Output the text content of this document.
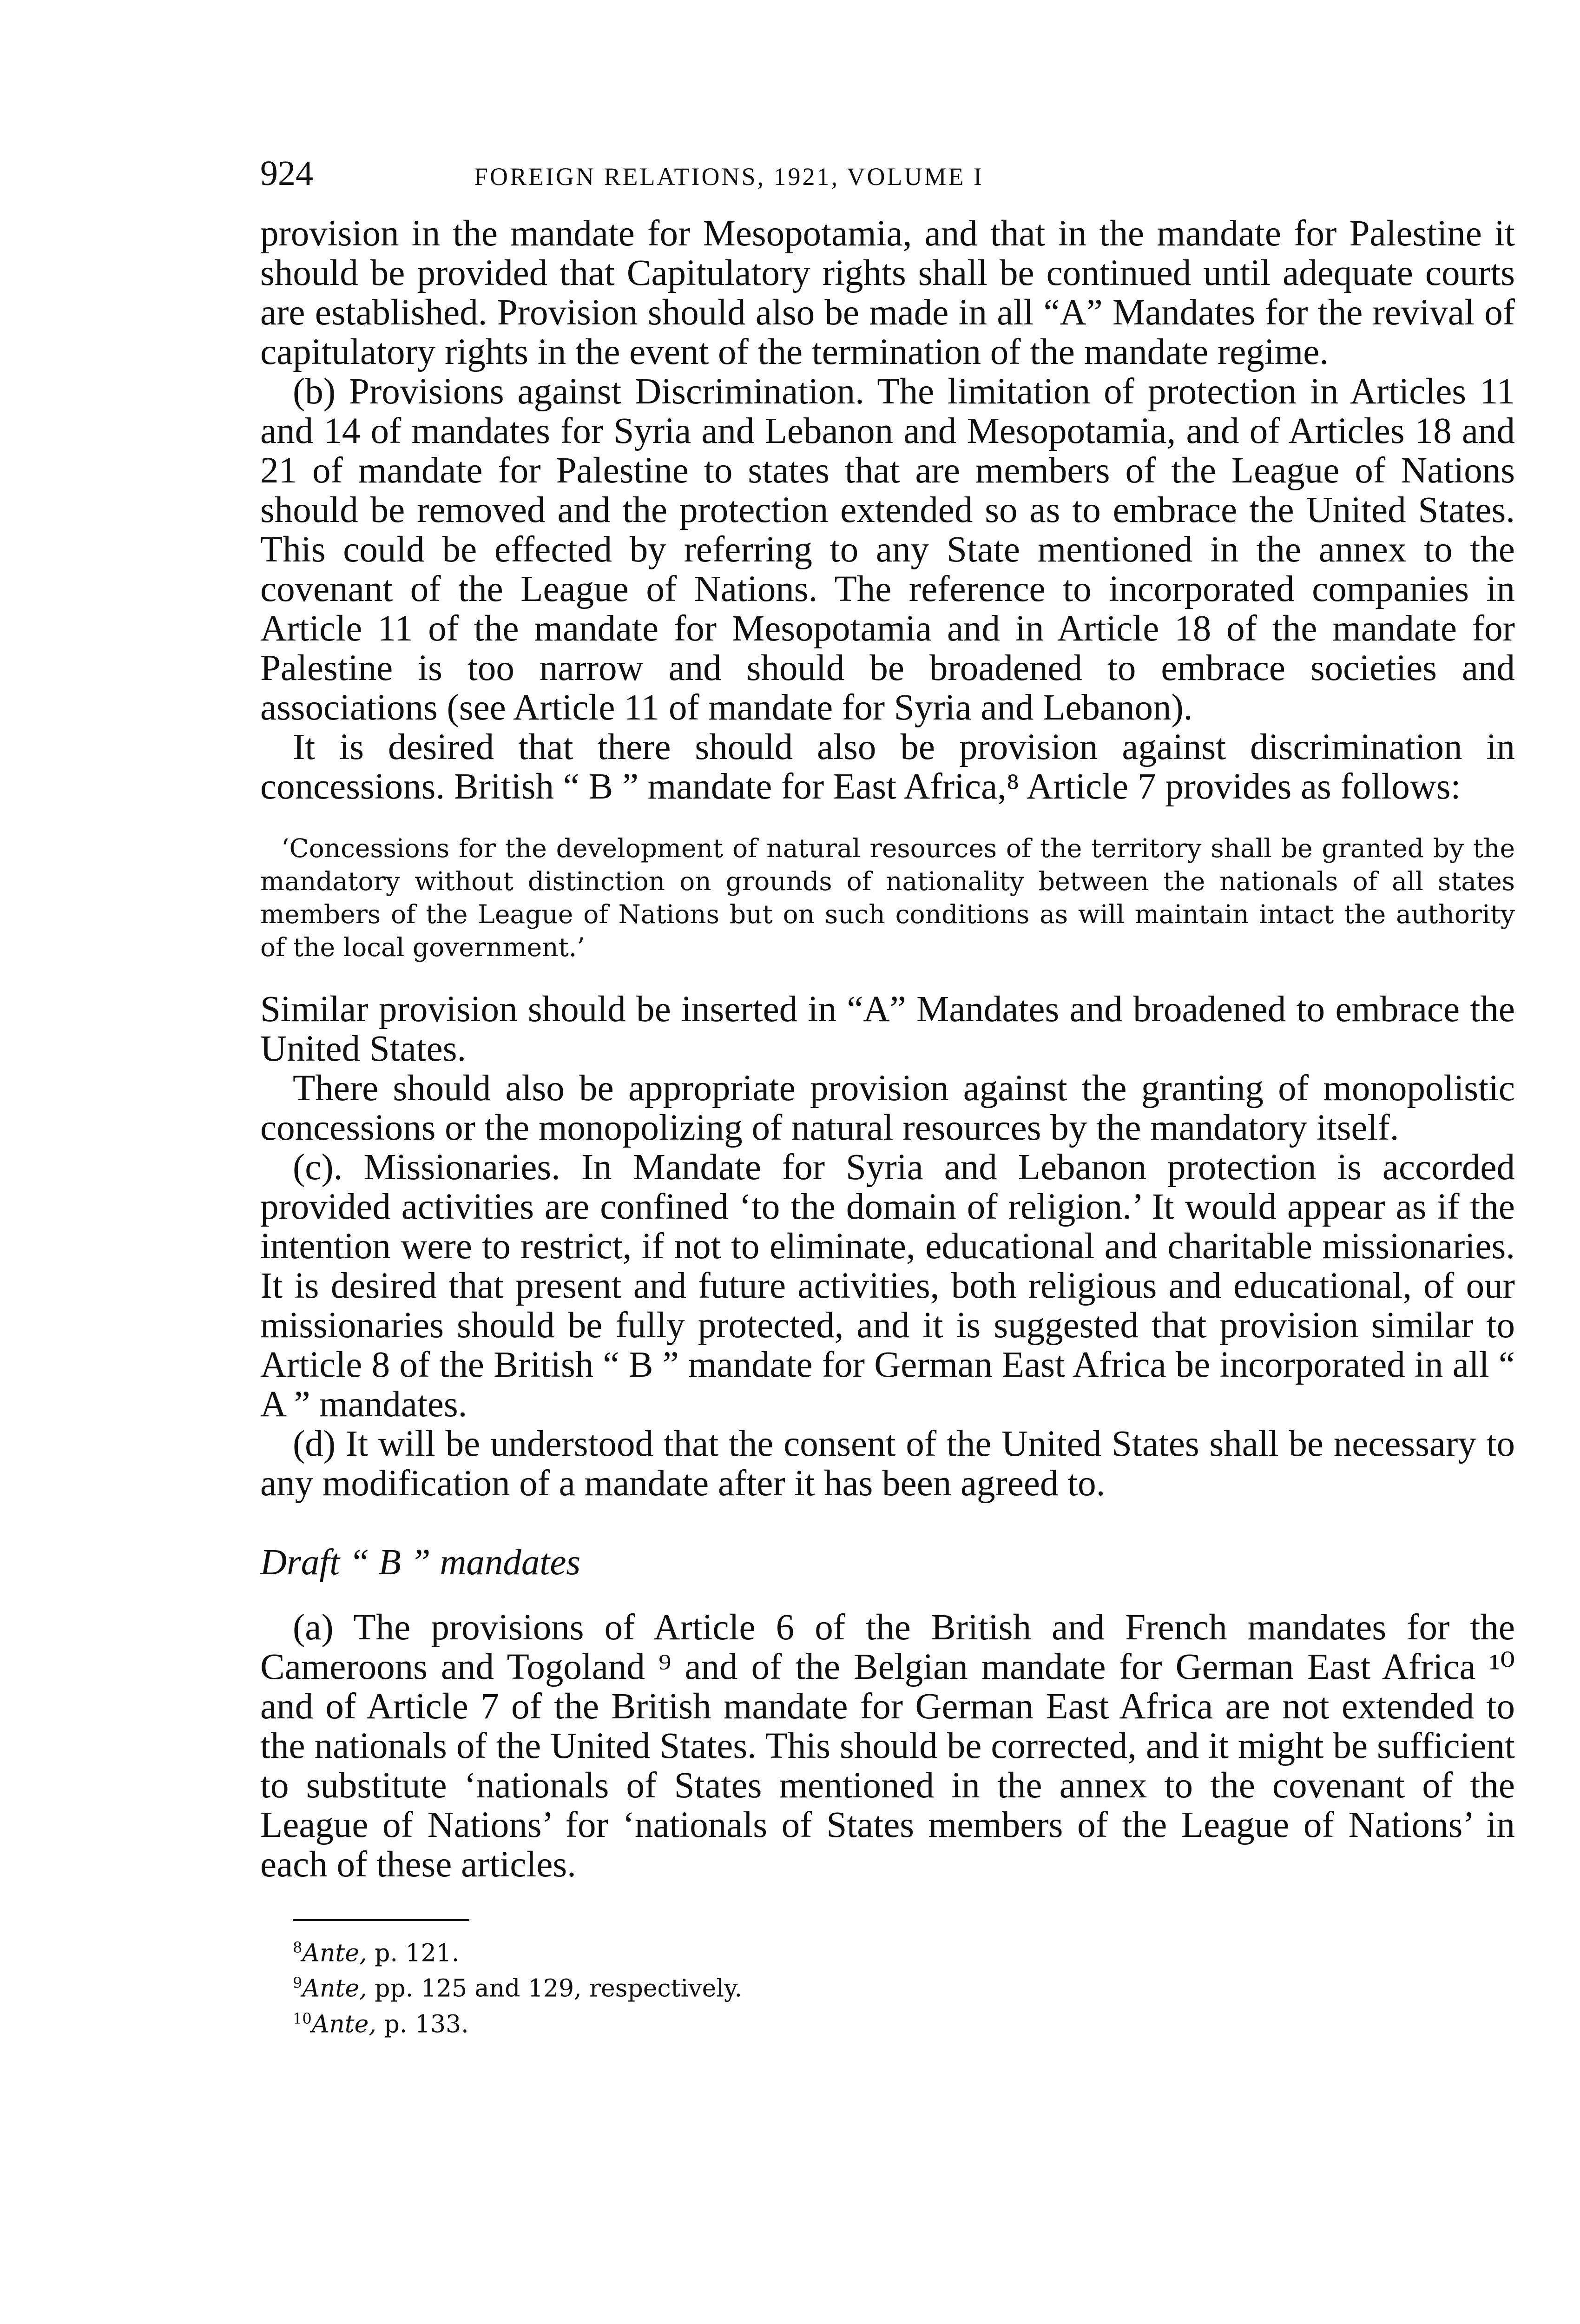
924	FOREIGN RELATIONS, 1921, VOLUME I

provision in the mandate for Mesopotamia, and that in the mandate for Palestine it should be provided that Capitulatory rights shall be continued until adequate courts are established. Provision should also be made in all “A” Mandates for the revival of capitulatory rights in the event of the termination of the mandate regime.

(b) Provisions against Discrimination. The limitation of protection in Articles 11 and 14 of mandates for Syria and Lebanon and Mesopotamia, and of Articles 18 and 21 of mandate for Palestine to states that are members of the League of Nations should be removed and the protection extended so as to embrace the United States. This could be effected by referring to any State mentioned in the annex to the covenant of the League of Nations. The reference to incorporated companies in Article 11 of the mandate for Mesopotamia and in Article 18 of the mandate for Palestine is too narrow and should be broadened to embrace societies and associations (see Article 11 of mandate for Syria and Lebanon).

It is desired that there should also be provision against discrimination in concessions. British “ B ” mandate for East Africa,⁸ Article 7 provides as follows:

‘Concessions for the development of natural resources of the territory shall be granted by the mandatory without distinction on grounds of nationality between the nationals of all states members of the League of Nations but on such conditions as will maintain intact the authority of the local government.’

Similar provision should be inserted in “A” Mandates and broadened to embrace the United States.

There should also be appropriate provision against the granting of monopolistic concessions or the monopolizing of natural resources by the mandatory itself.

(c). Missionaries. In Mandate for Syria and Lebanon protection is accorded provided activities are confined ‘to the domain of religion.’ It would appear as if the intention were to restrict, if not to eliminate, educational and charitable missionaries. It is desired that present and future activities, both religious and educational, of our missionaries should be fully protected, and it is suggested that provision similar to Article 8 of the British “ B ” mandate for German East Africa be incorporated in all “ A ” mandates.

(d) It will be understood that the consent of the United States shall be necessary to any modification of a mandate after it has been agreed to.

Draft “ B ” mandates

(a) The provisions of Article 6 of the British and French mandates for the Cameroons and Togoland ⁹ and of the Belgian mandate for German East Africa ¹⁰ and of Article 7 of the British mandate for German East Africa are not extended to the nationals of the United States. This should be corrected, and it might be sufficient to substitute ‘nationals of States mentioned in the annex to the covenant of the League of Nations’ for ‘nationals of States members of the League of Nations’ in each of these articles.

$^8$Ante, p. 121.
$^9$Ante, pp. 125 and 129, respectively.
$^{10}$Ante, p. 133.
